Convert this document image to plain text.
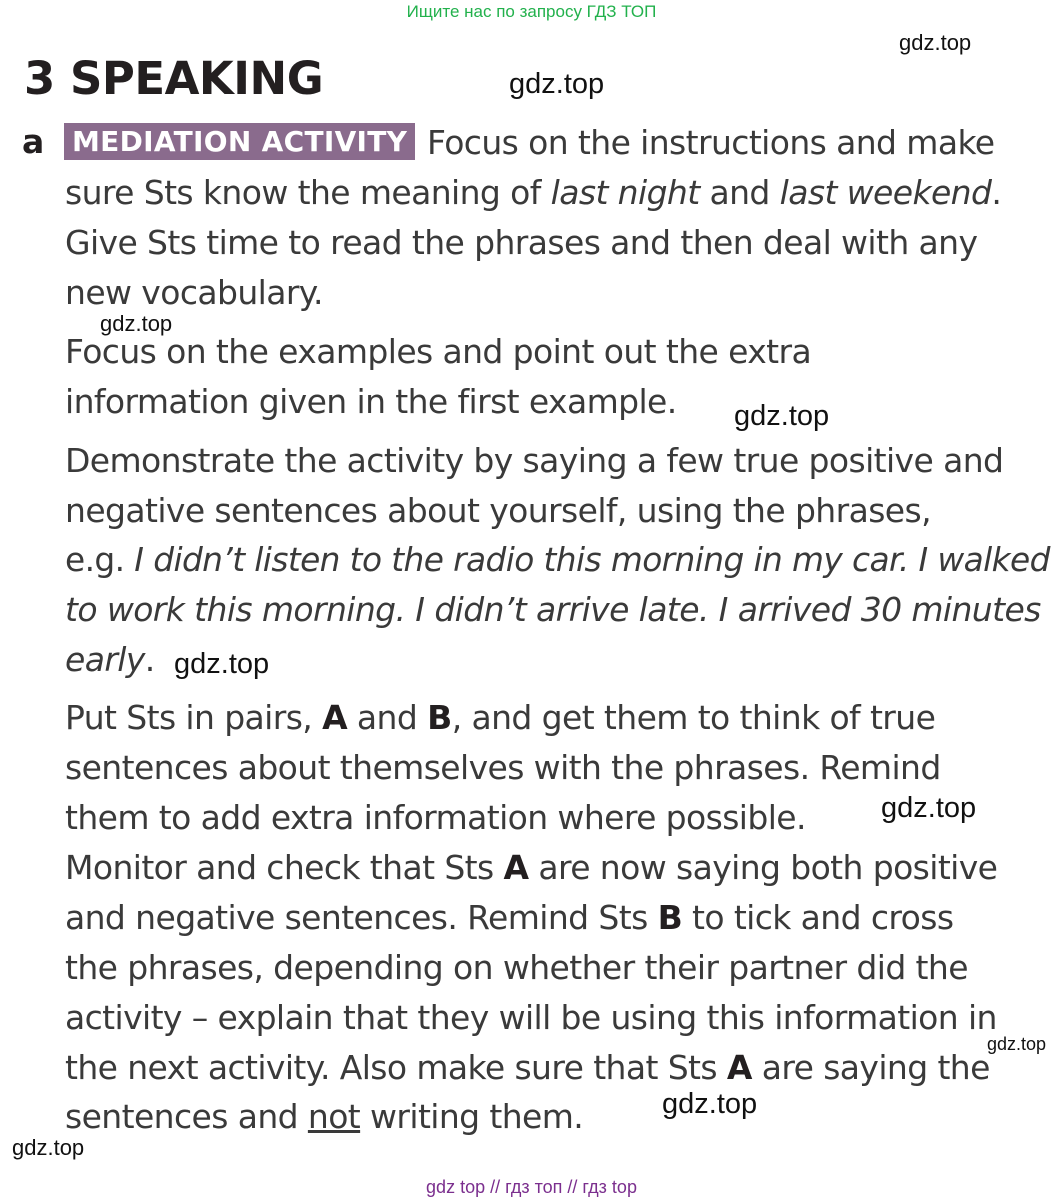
Ищите нас по запросу ГДЗ ТОП
3 SPEAKING
gdz.top
gdz.top
gdz.top
gdz.top
gdz.top
gdz.top
gdz.top
gdz.top
gdz.top
a MEDIATION ACTIVITY Focus on the instructions and make
sure Sts know the meaning of last night and last weekend.
Give Sts time to read the phrases and then deal with any
new vocabulary.
Focus on the examples and point out the extra
information given in the first example.
Demonstrate the activity by saying a few true positive and
negative sentences about yourself, using the phrases,
e.g. I didn’t listen to the radio this morning in my car. I walked
to work this morning. I didn’t arrive late. I arrived 30 minutes
early.
Put Sts in pairs, A and B, and get them to think of true
sentences about themselves with the phrases. Remind
them to add extra information where possible.
Monitor and check that Sts A are now saying both positive
and negative sentences. Remind Sts B to tick and cross
the phrases, depending on whether their partner did the
activity – explain that they will be using this information in
the next activity. Also make sure that Sts A are saying the
sentences and not writing them.
gdz top // гдз топ // гдз top
